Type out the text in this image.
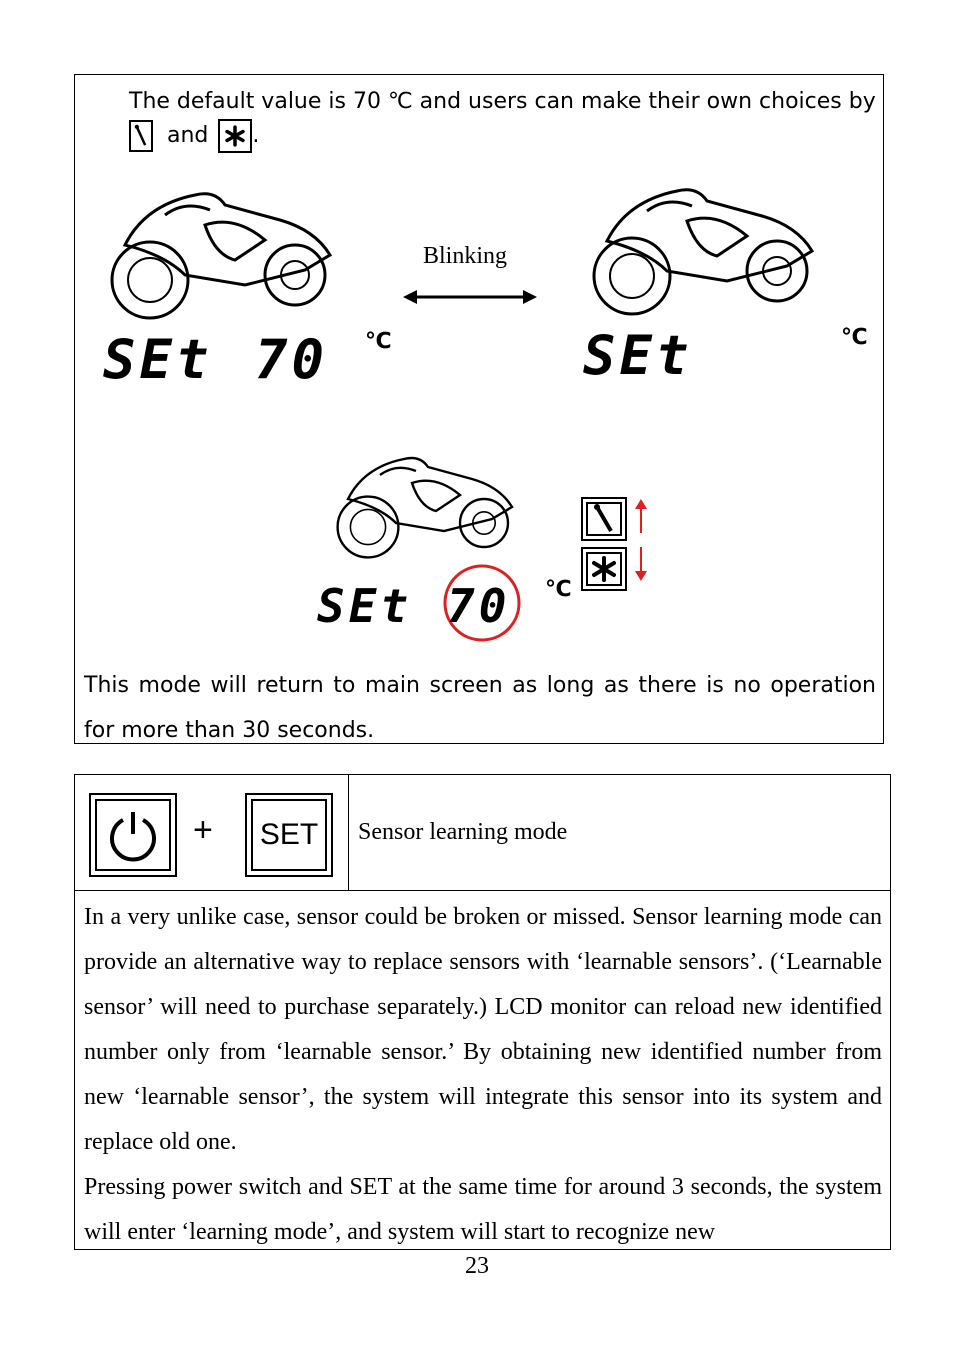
The default value is 70 ℃ and users can make their own choices by
and .
SEt 70 ℃
Blinking
SEt	℃
SEt 70 ℃
This mode will return to main screen as long as there is no operation for more than 30 seconds.
+ SET Sensor learning mode

In a very unlike case, sensor could be broken or missed. Sensor learning mode can provide an alternative way to replace sensors with ‘learnable sensors’. (‘Learnable sensor’ will need to purchase separately.) LCD monitor can reload new identified number only from ‘learnable sensor.’ By obtaining new identified number from new ‘learnable sensor’, the system will integrate this sensor into its system and replace old one.

Pressing power switch and SET at the same time for around 3 seconds, the system will enter ‘learning mode’, and system will start to recognize new

23
